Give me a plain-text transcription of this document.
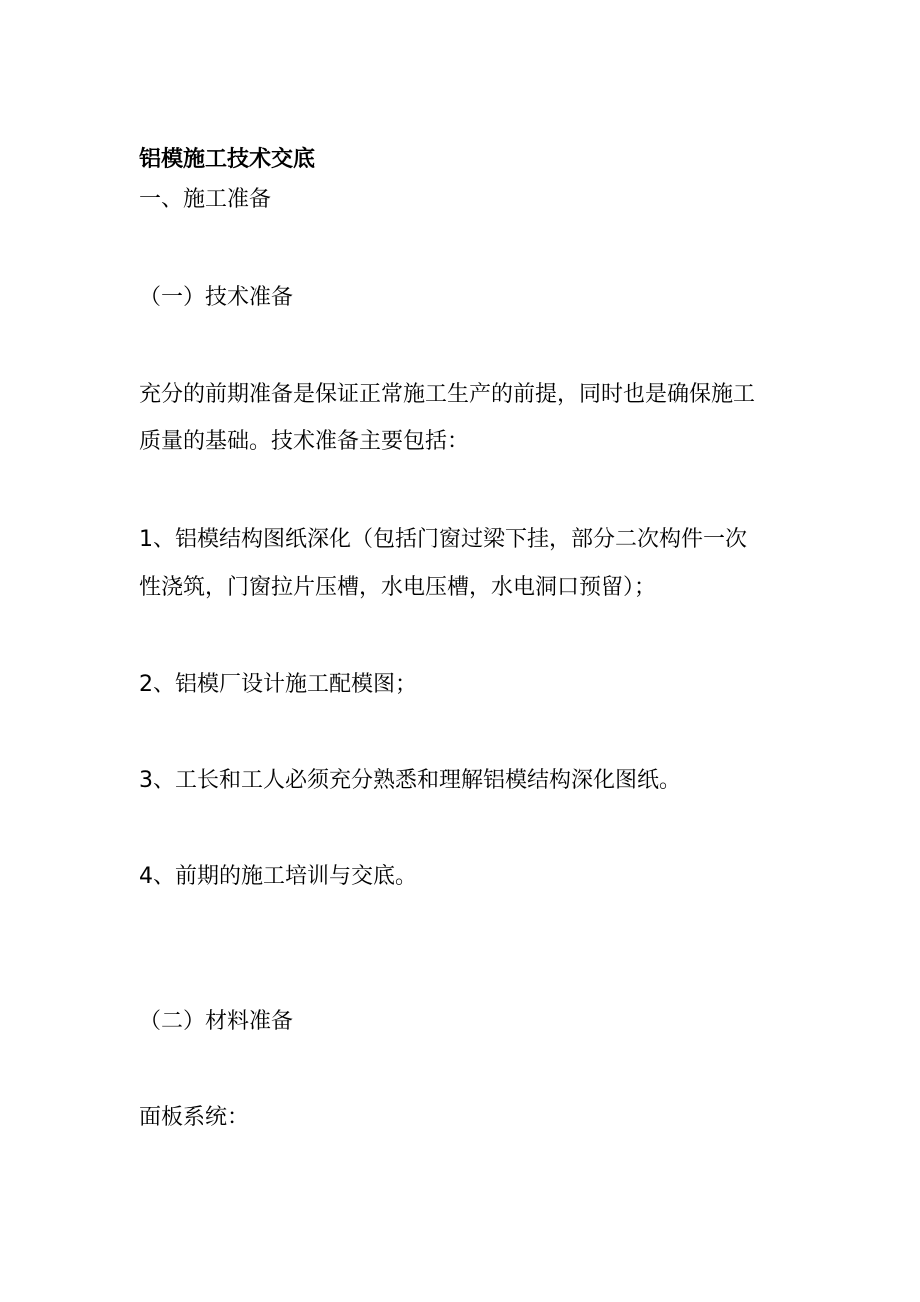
铝模施工技术交底

一、施工准备

（一）技术准备

充分的前期准备是保证正常施工生产的前提，同时也是确保施工

质量的基础。技术准备主要包括：

1、铝模结构图纸深化（包括门窗过梁下挂，部分二次构件一次

性浇筑，门窗拉片压槽，水电压槽，水电洞口预留）；

2、铝模厂设计施工配模图；

3、工长和工人必须充分熟悉和理解铝模结构深化图纸。

4、前期的施工培训与交底。

（二）材料准备

面板系统：
